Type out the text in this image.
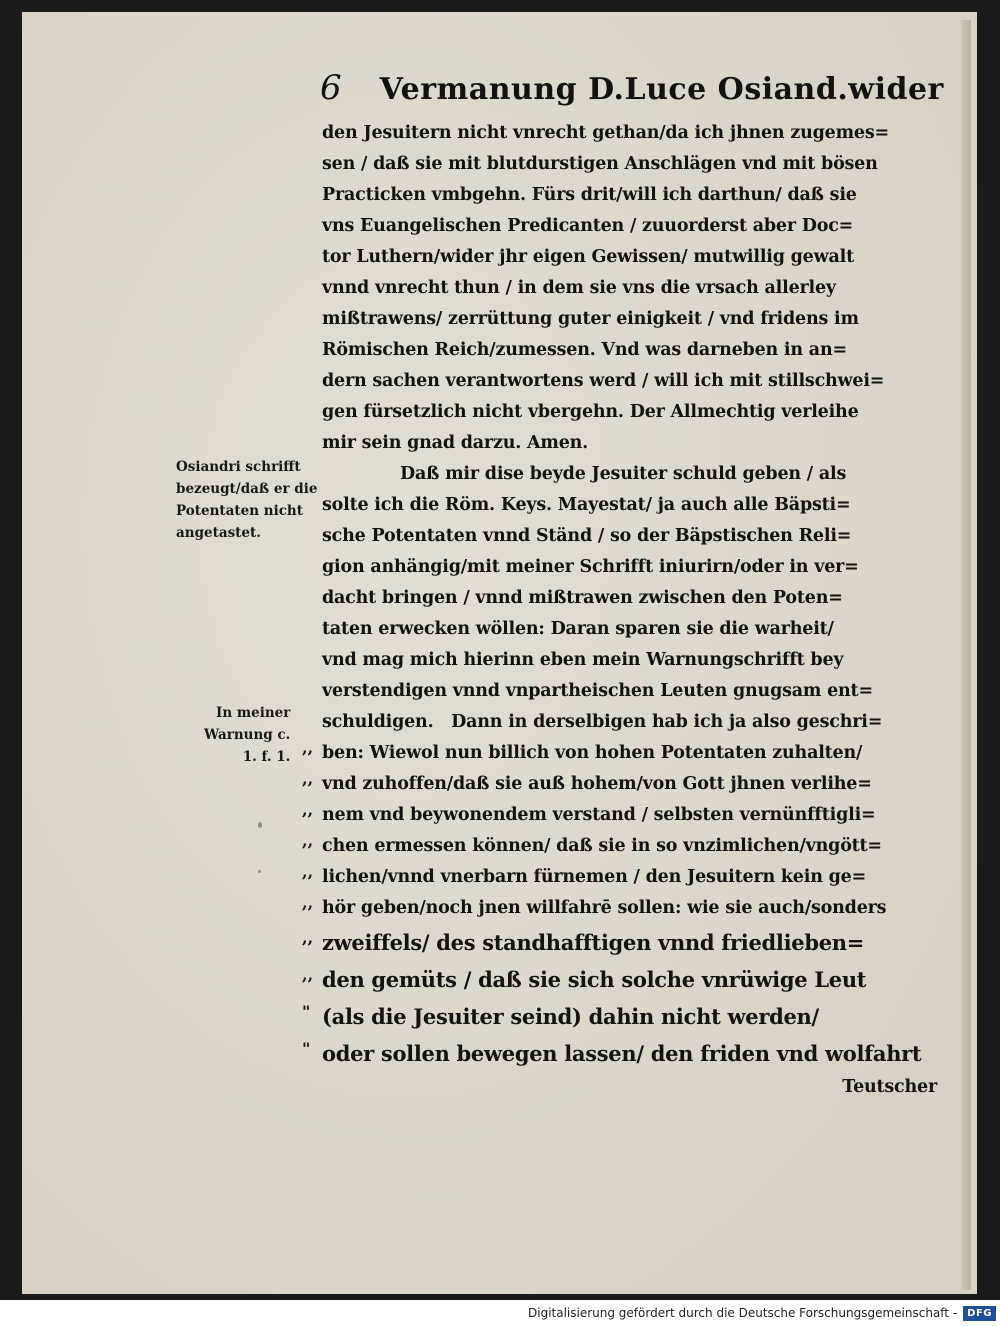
6 Vermanung D.Luce Osiand.wider
den Jesuitern nicht vnrecht gethan/da ich jhnen zugemes=
sen / daß sie mit blutdurstigen Anschlägen vnd mit bösen
Practicken vmbgehn. Fürs drit/will ich darthun/ daß sie
vns Euangelischen Predicanten / zuuorderst aber Doc=
tor Luthern/wider jhr eigen Gewissen/ mutwillig gewalt
vnnd vnrecht thun / in dem sie vns die vrsach allerley
mißtrawens/ zerrüttung guter einigkeit / vnd fridens im
Römischen Reich/zumessen. Vnd was darneben in an=
dern sachen verantwortens werd / will ich mit stillschwei=
gen fürsetzlich nicht vbergehn. Der Allmechtig verleihe
mir sein gnad darzu. Amen.
Daß mir dise beyde Jesuiter schuld geben / als
solte ich die Röm. Keys. Mayestat/ ja auch alle Bäpsti=
sche Potentaten vnnd Ständ / so der Bäpstischen Reli=
gion anhängig/mit meiner Schrifft iniurirn/oder in ver=
dacht bringen / vnnd mißtrawen zwischen den Poten=
taten erwecken wöllen: Daran sparen sie die warheit/
vnd mag mich hierinn eben mein Warnungschrifft bey
verstendigen vnnd vnpartheischen Leuten gnugsam ent=
schuldigen.   Dann in derselbigen hab ich ja also geschri=
,, ben: Wiewol nun billich von hohen Potentaten zuhalten/
,, vnd zuhoffen/daß sie auß hohem/von Gott jhnen verlihe=
,, nem vnd beywonendem verstand / selbsten vernünfftigli=
,, chen ermessen können/ daß sie in so vnzimlichen/vngött=
,, lichen/vnnd vnerbarn fürnemen / den Jesuitern kein ge=
,, hör geben/noch jnen willfahrē sollen: wie sie auch/sonders
,, zweiffels/ des standhafftigen vnnd friedlieben=
,, den gemüts / daß sie sich solche vnrüwige Leut
" (als die Jesuiter seind) dahin nicht werden/
" oder sollen bewegen lassen/ den friden vnd wolfahrt
Teutscher
Osiandri schrifft
bezeugt/daß er die
Potentaten nicht
angetastet.
In meiner
Warnung c.
1. f. 1.
Digitalisierung gefördert durch die Deutsche Forschungsgemeinschaft -	DFG
